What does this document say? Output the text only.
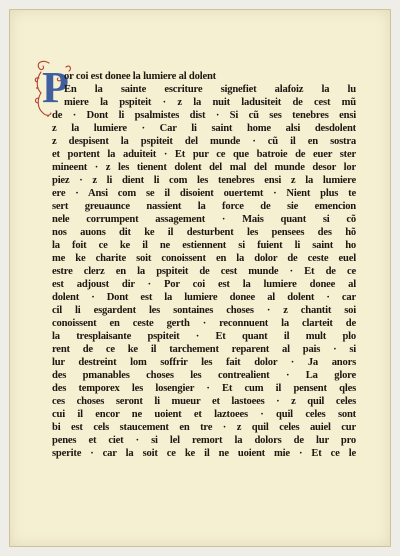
P
or coi est donee la lumiere al dolent
En la sainte escriture signefiet alafoiz la lu
miere la pspiteit · z la nuit ladusiteit de cest mũ
de · Dont li psalmistes dist · Si cũ ses tenebres ensi
z la lumiere · Car li saint home alsi desdolent
z despisent la pspiteit del munde · cũ il en sostra
et portent la aduiteit · Et pur ce que batroie de euer ster
mineent · z les tienent dolent del mal del munde desor lor
piez · z li dient li com les tenebres ensi z la lumiere
ere · Ansi com se il disoient ouertemt · Nient plus te
sert greuaunce nassient la force de sie emencion
nele corrumpent assagement · Mais quant si cõ
nos auons dit ke il desturbent les pensees des hõ
la foit ce ke il ne estiennent si fuient li saint ho
me ke charite soit conoissent en la dolor de ceste euel
estre clerz en la pspiteit de cest munde · Et de ce
est adjoust dir · Por coi est la lumiere donee al
dolent · Dont est la lumiere donee al dolent · car
cil li esgardent les sontaines choses · z chantit soi
conoissent en ceste gerth · reconnuent la clarteit de
la tresplaisante pspiteit · Et quant il mult plo
rent de ce ke il tarchement reparent al pais · si
lur destreint lom soffrir les fait dolor · Ja anors
des pmanables choses les contrealient · La glore
des temporex les losengier · Et cum il pensent qles
ces choses seront li mueur et lastoees · z quil celes
cui il encor ne uoient et laztoees · quil celes sont
bi est cels staucement en tre · z quil celes auiel cur
penes et ciet · si lel remort la dolors de lur pro
sperite · car la soit ce ke il ne uoient mie · Et ce le
